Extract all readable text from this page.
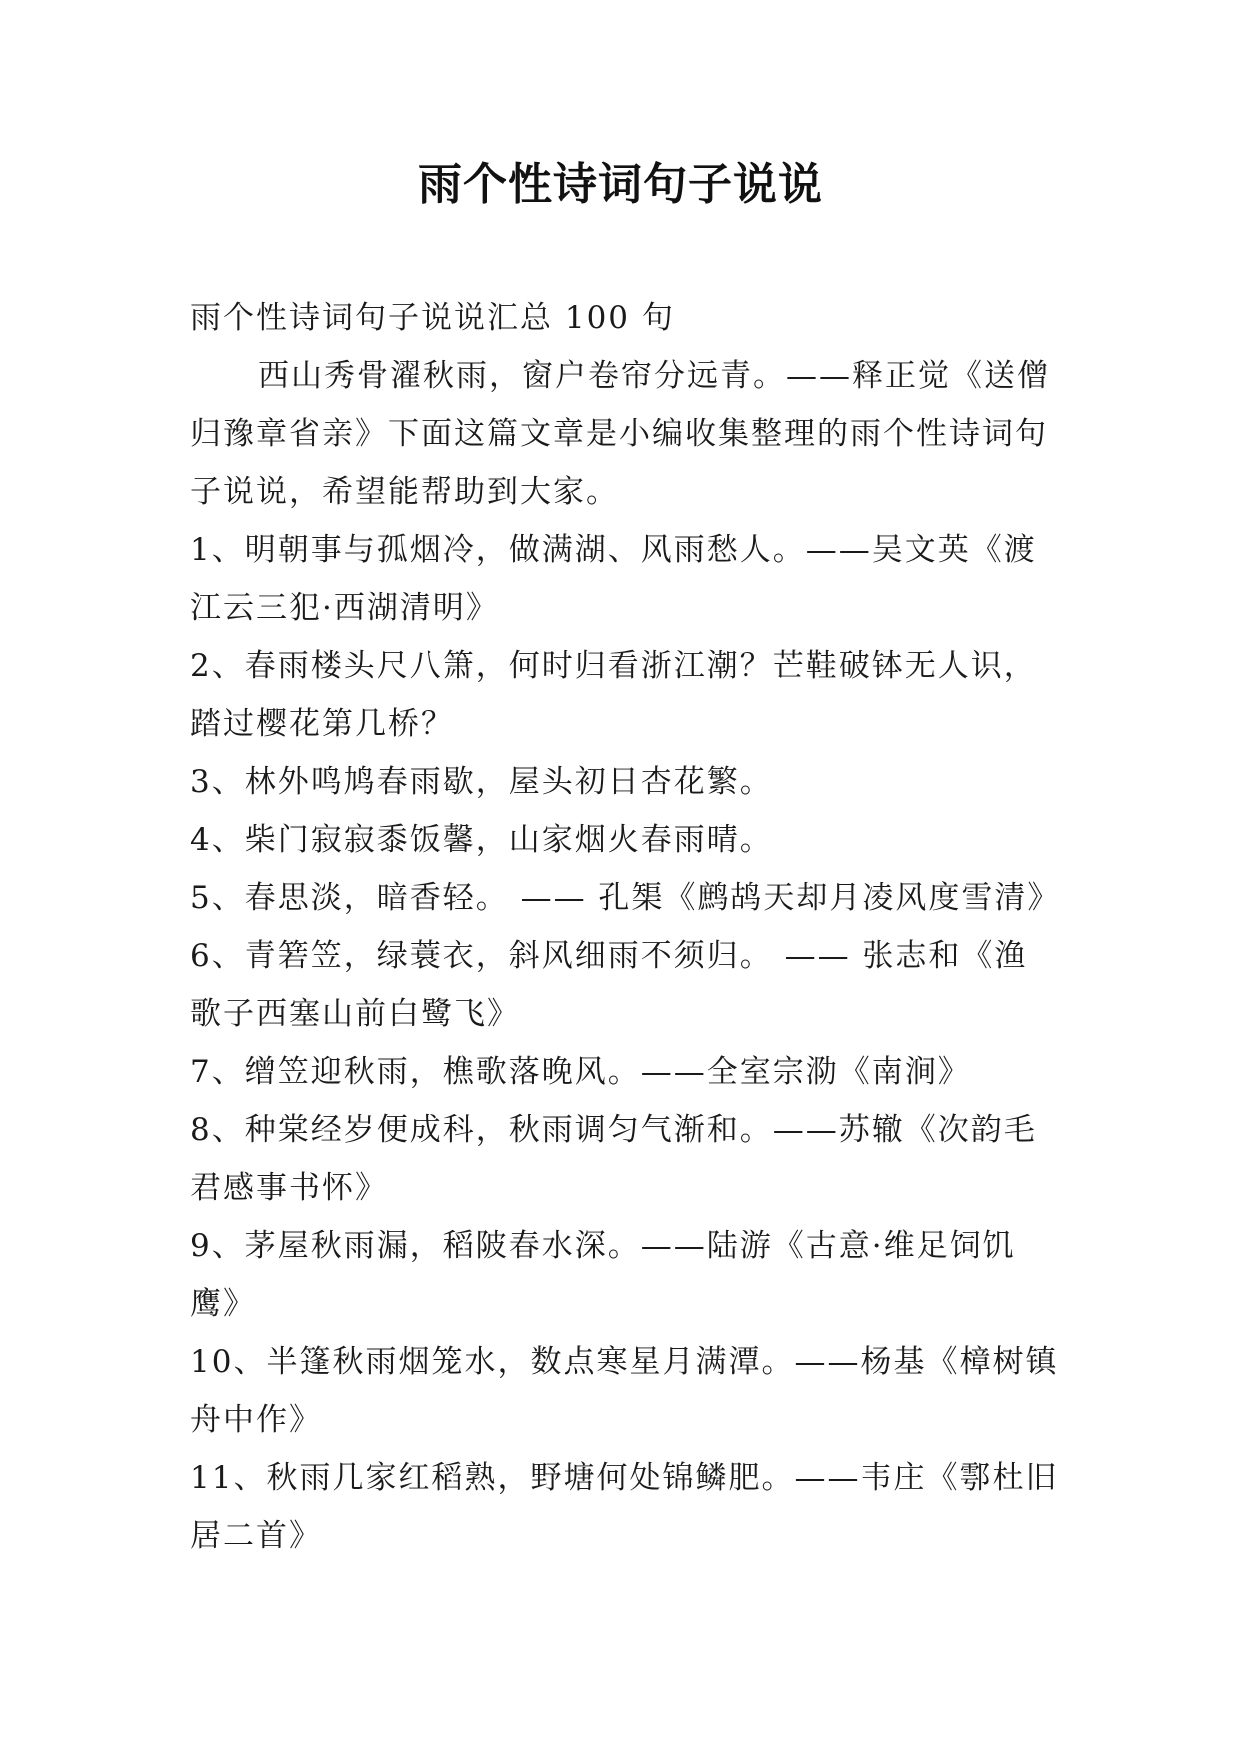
雨个性诗词句子说说

雨个性诗词句子说说汇总 100 句

西山秀骨濯秋雨，窗户卷帘分远青。——释正觉《送僧归豫章省亲》下面这篇文章是小编收集整理的雨个性诗词句子说说，希望能帮助到大家。

1、明朝事与孤烟冷，做满湖、风雨愁人。——吴文英《渡江云三犯·西湖清明》

2、春雨楼头尺八箫，何时归看浙江潮？芒鞋破钵无人识，踏过樱花第几桥？

3、林外鸣鸠春雨歇，屋头初日杏花繁。

4、柴门寂寂黍饭馨，山家烟火春雨晴。

5、春思淡，暗香轻。 —— 孔榘《鹧鸪天却月凌风度雪清》

6、青箬笠，绿蓑衣，斜风细雨不须归。 —— 张志和《渔歌子西塞山前白鹭飞》

7、缯笠迎秋雨，樵歌落晚风。——全室宗泐《南涧》

8、种棠经岁便成科，秋雨调匀气渐和。——苏辙《次韵毛君感事书怀》

9、茅屋秋雨漏，稻陂春水深。——陆游《古意·维足饲饥鹰》

10、半篷秋雨烟笼水，数点寒星月满潭。——杨基《樟树镇舟中作》

11、秋雨几家红稻熟，野塘何处锦鳞肥。——韦庄《鄠杜旧居二首》
